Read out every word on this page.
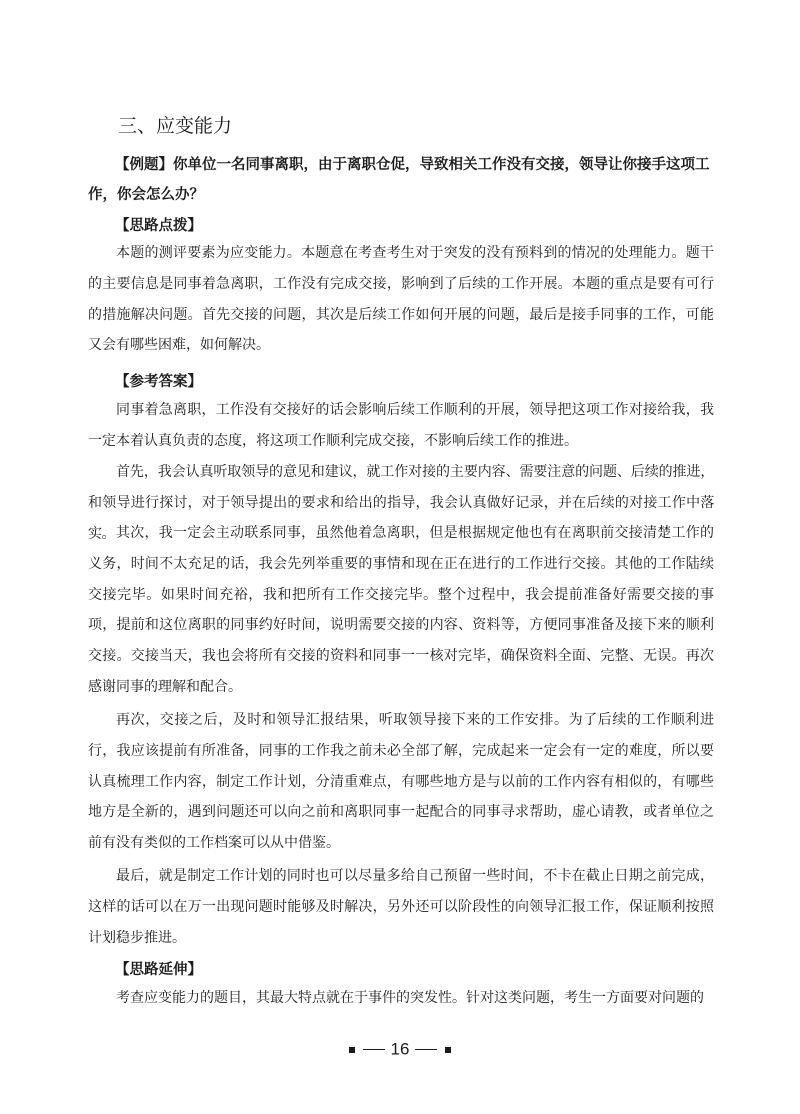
三、应变能力

【例题】你单位一名同事离职，由于离职仓促，导致相关工作没有交接，领导让你接手这项工作，你会怎么办？

【思路点拨】

本题的测评要素为应变能力。本题意在考查考生对于突发的没有预料到的情况的处理能力。题干的主要信息是同事着急离职，工作没有完成交接，影响到了后续的工作开展。本题的重点是要有可行的措施解决问题。首先交接的问题，其次是后续工作如何开展的问题，最后是接手同事的工作，可能又会有哪些困难，如何解决。

【参考答案】

同事着急离职，工作没有交接好的话会影响后续工作顺利的开展，领导把这项工作对接给我，我一定本着认真负责的态度，将这项工作顺利完成交接，不影响后续工作的推进。

首先，我会认真听取领导的意见和建议，就工作对接的主要内容、需要注意的问题、后续的推进，和领导进行探讨，对于领导提出的要求和给出的指导，我会认真做好记录，并在后续的对接工作中落实。 其次，我一定会主动联系同事，虽然他着急离职，但是根据规定他也有在离职前交接清楚工作的义务，时间不太充足的话，我会先列举重要的事情和现在正在进行的工作进行交接。其他的工作陆续交接完毕。如果时间充裕，我和把所有工作交接完毕。整个过程中，我会提前准备好需要交接的事项，提前和这位离职的同事约好时间，说明需要交接的内容、资料等，方便同事准备及接下来的顺利交接。交接当天，我也会将所有交接的资料和同事一一核对完毕，确保资料全面、完整、无误。再次感谢同事的理解和配合。

再次，交接之后，及时和领导汇报结果，听取领导接下来的工作安排。为了后续的工作顺利进行，我应该提前有所准备，同事的工作我之前未必全部了解，完成起来一定会有一定的难度，所以要认真梳理工作内容，制定工作计划，分清重难点，有哪些地方是与以前的工作内容有相似的，有哪些地方是全新的，遇到问题还可以向之前和离职同事一起配合的同事寻求帮助，虚心请教，或者单位之前有没有类似的工作档案可以从中借鉴。

最后，就是制定工作计划的同时也可以尽量多给自己预留一些时间，不卡在截止日期之前完成，这样的话可以在万一出现问题时能够及时解决，另外还可以阶段性的向领导汇报工作，保证顺利按照计划稳步推进。

【思路延伸】

考查应变能力的题目，其最大特点就在于事件的突发性。针对这类问题，考生一方面要对问题的

16
